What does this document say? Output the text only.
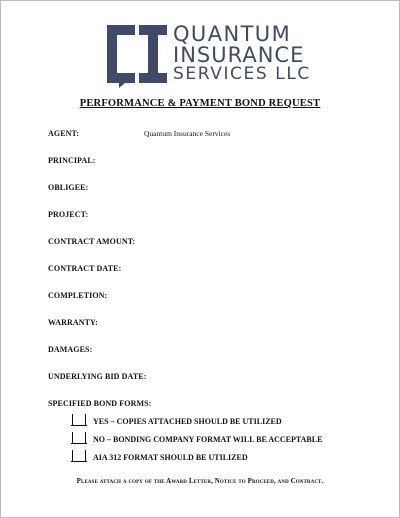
QUANTUM
INSURANCE
SERVICES LLC
PERFORMANCE & PAYMENT BOND REQUEST
AGENT:	Quantum Insurance Services
PRINCIPAL:
OBLIGEE:
PROJECT:
CONTRACT AMOUNT:
CONTRACT DATE:
COMPLETION:
WARRANTY:
DAMAGES:
UNDERLYING BID DATE:
SPECIFIED BOND FORMS:
YES – COPIES ATTACHED SHOULD BE UTILIZED
NO – BONDING COMPANY FORMAT WILL BE ACCEPTABLE
AIA 312 FORMAT SHOULD BE UTILIZED
Please attach a copy of the Award Letter, Notice to Proceed, and Contract.
